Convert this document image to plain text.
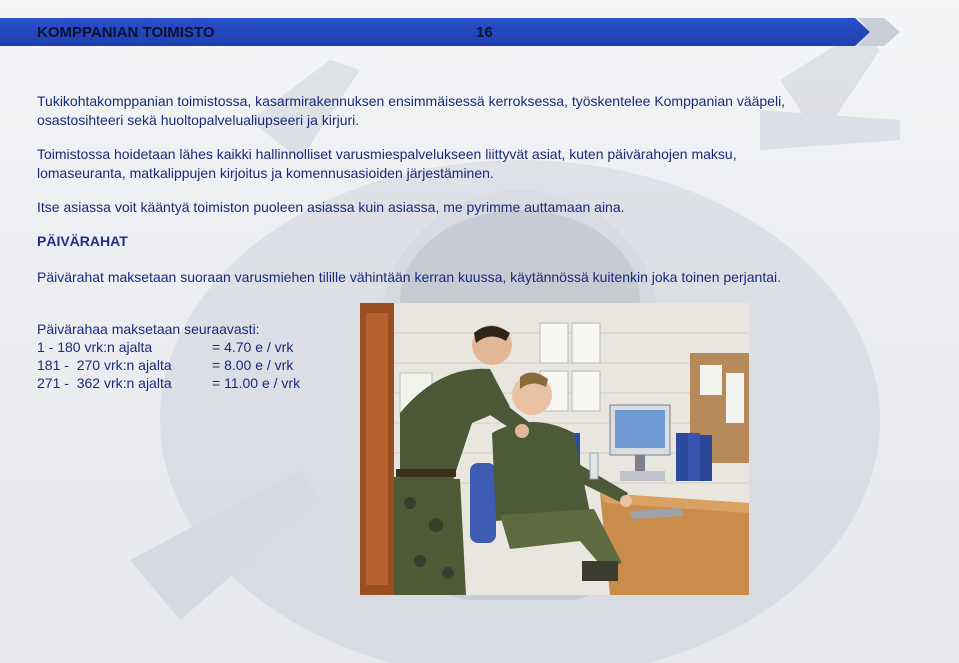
KOMPPANIAN TOIMISTO	16
Tukikohtakomppanian toimistossa, kasarmirakennuksen ensimmäisessä kerroksessa, työskentelee Komppanian vääpeli, osastosihteeri sekä huoltopalvelualiupseeri ja kirjuri.
Toimistossa hoidetaan lähes kaikki hallinnolliset varusmiespalvelukseen liittyvät asiat, kuten päivärahojen maksu, lomaseuranta, matkalippujen kirjoitus ja komennusasioiden järjestäminen.
Itse asiassa voit kääntyä toimiston puoleen asiassa kuin asiassa, me pyrimme auttamaan aina.
PÄIVÄRAHAT
Päivärahat maksetaan suoraan varusmiehen tilille vähintään kerran kuussa, käytännössä kuitenkin joka toinen perjantai.
Päivärahaa maksetaan seuraavasti:
1 - 180 vrk:n ajalta	= 4.70 e / vrk
181 -  270 vrk:n ajalta	= 8.00 e / vrk
271 -  362 vrk:n ajalta	= 11.00 e / vrk
